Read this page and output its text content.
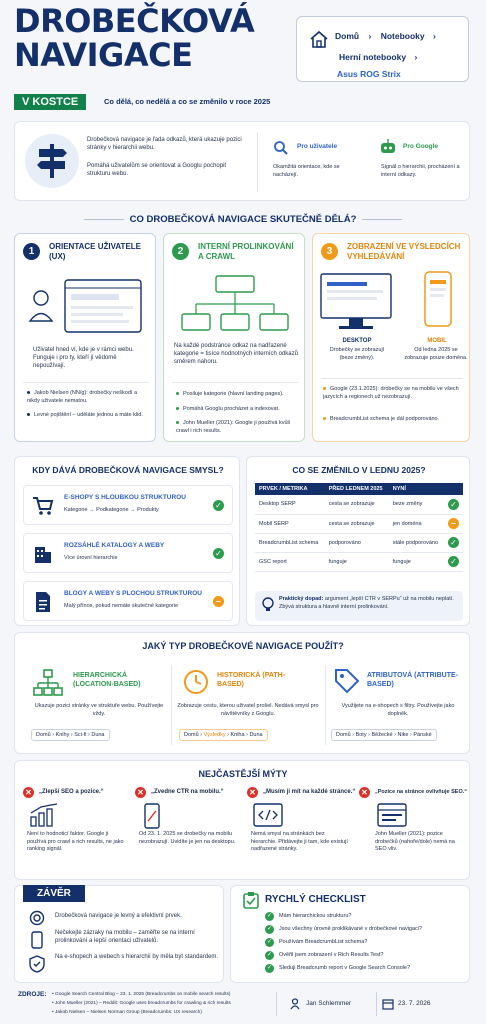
DROBEČKOVÁ
NAVIGACE
V KOSTCE	Co dělá, co nedělá a co se změnilo v roce 2025
Domů › Notebooky ›
Herní notebooky ›
Asus ROG Strix
Drobečková navigace je řada odkazů, která ukazuje pozici stránky v hierarchii webu.
Pomáhá uživatelům se orientovat a Googlu pochopit strukturu webu.
Pro uživatele
Okamžitá orientace, kde se nacházejí.
Pro Google
Signál o hierarchii, procházení a interní odkazy.
CO DROBEČKOVÁ NAVIGACE SKUTEČNĚ DĚLÁ?
1	ORIENTACE UŽIVATELE (UX)
Uživatel hned ví, kde je v rámci webu. Funguje i pro ty, kteří jí vědomě nepoužívají.
Jakob Nielsen (NN/g): drobečky neškodí a nikdy uživatele nematou.
Levné pojištění – uděláte jednou a máte klid.
2	INTERNÍ PROLINKOVÁNÍ A CRAWL
Na každé podstránce odkaz na nadřazené kategorie = tisíce hodnotných interních odkazů směrem nahoru.
Posiluje kategorie (hlavní landing pages).
Pomáhá Googlu procházet a indexovat.
John Mueller (2021): Google ji používá kvůli crawl i rich results.
3	ZOBRAZENÍ VE VÝSLEDCÍCH VYHLEDÁVÁNÍ
DESKTOP
Drobečky se zobrazují (beze změny).
MOBIL
Od ledna 2025 se zobrazuje pouze doména.
Google (23.1.2025): drobečky se na mobilu ve všech jazycích a regionech už nezobrazují.
BreadcrumbList schema je dál podporováno.
KDY DÁVÁ DROBEČKOVÁ NAVIGACE SMYSL?
E-SHOPY S HLOUBKOU STRUKTUROU
Kategorie → Podkategorie → Produkty	✓
ROZSÁHLÉ KATALOGY A WEBY
Více úrovní hierarchie	✓
BLOGY A WEBY S PLOCHOU STRUKTUROU
Malý přínos, pokud nemáte skutečné kategorie	–
CO SE ZMĚNILO V LEDNU 2025?
PRVEK / METRIKA	PŘED LEDNEM 2025	NYNÍ	
Desktop SERP	cesta se zobrazuje	beze změny	✓
Mobil SERP	cesta se zobrazuje	jen doména	–
BreadcrumbList schema	podporováno	stále podporováno	✓
GSC report	funguje	funguje	✓
Praktický dopad: argument „lepší CTR v SERPu“ už na mobilu neplatí. Zbývá struktura a hlavně interní prolinkování.
JAKÝ TYP DROBEČKOVÉ NAVIGACE POUŽÍT?
HIERARCHICKÁ (LOCATION-BASED)
Ukazuje pozici stránky ve struktuře webu. Používejte vždy.
Domů › Knihy › Sci-fi › Duna
HISTORICKÁ (PATH-BASED)
Zobrazuje cestu, kterou uživatel prošel. Nedává smysl pro návštěvníky z Googlu.
Domů › Výsledky › Kniha › Duna
ATRIBUTOVÁ (ATTRIBUTE-BASED)
Využijete na e-shopech s filtry. Používejte jako doplněk.
Domů › Boty › Běžecké › Nike › Pánské
NEJČASTĚJŠÍ MÝTY
✕	„Zlepší SEO a pozice.“
Není to hodnoticí faktor. Google ji používá pro crawl a rich results, ne jako ranking signál.
✕	„Zvedne CTR na mobilu.“
Od 23. 1. 2025 se drobečky na mobilu nezobrazují. Uvidíte je jen na desktopu.
✕	„Musím ji mít na každé stránce.“
Nemá smysl na stránkách bez hierarchie. Přidávejte ji tam, kde existují nadřazené stránky.
✕	„Pozice na stránce ovlivňuje SEO.“
John Mueller (2021): pozice drobečků (nahoře/dole) nemá na SEO vliv.
ZÁVĚR
Drobečková navigace je levný a efektivní prvek.
Nečekejte zázraky na mobilu – zaměřte se na interní prolinkování a lepší orientaci uživatelů.
Na e-shopech a webech s hierarchií by měla být standardem.
RYCHLÝ CHECKLIST
✓ Mám hierarchickou strukturu?
✓ Jsou všechny úrovně proklikávané v drobečkové navigaci?
✓ Používám BreadcrumbList schema?
✓ Ověřil jsem zobrazení v Rich Results Test?
✓ Sleduji Breadcrumb report v Google Search Console?
ZDROJE: • Google Search Central Blog – 23. 1. 2025 (Breadcrumbs on mobile search results)
• John Mueller (2021) – Reddit: Google uses breadcrumbs for crawling & rich results
• Jakob Nielsen – Nielsen Norman Group (Breadcrumbs: UX research)
Jan Schlemmer	23. 7. 2026
